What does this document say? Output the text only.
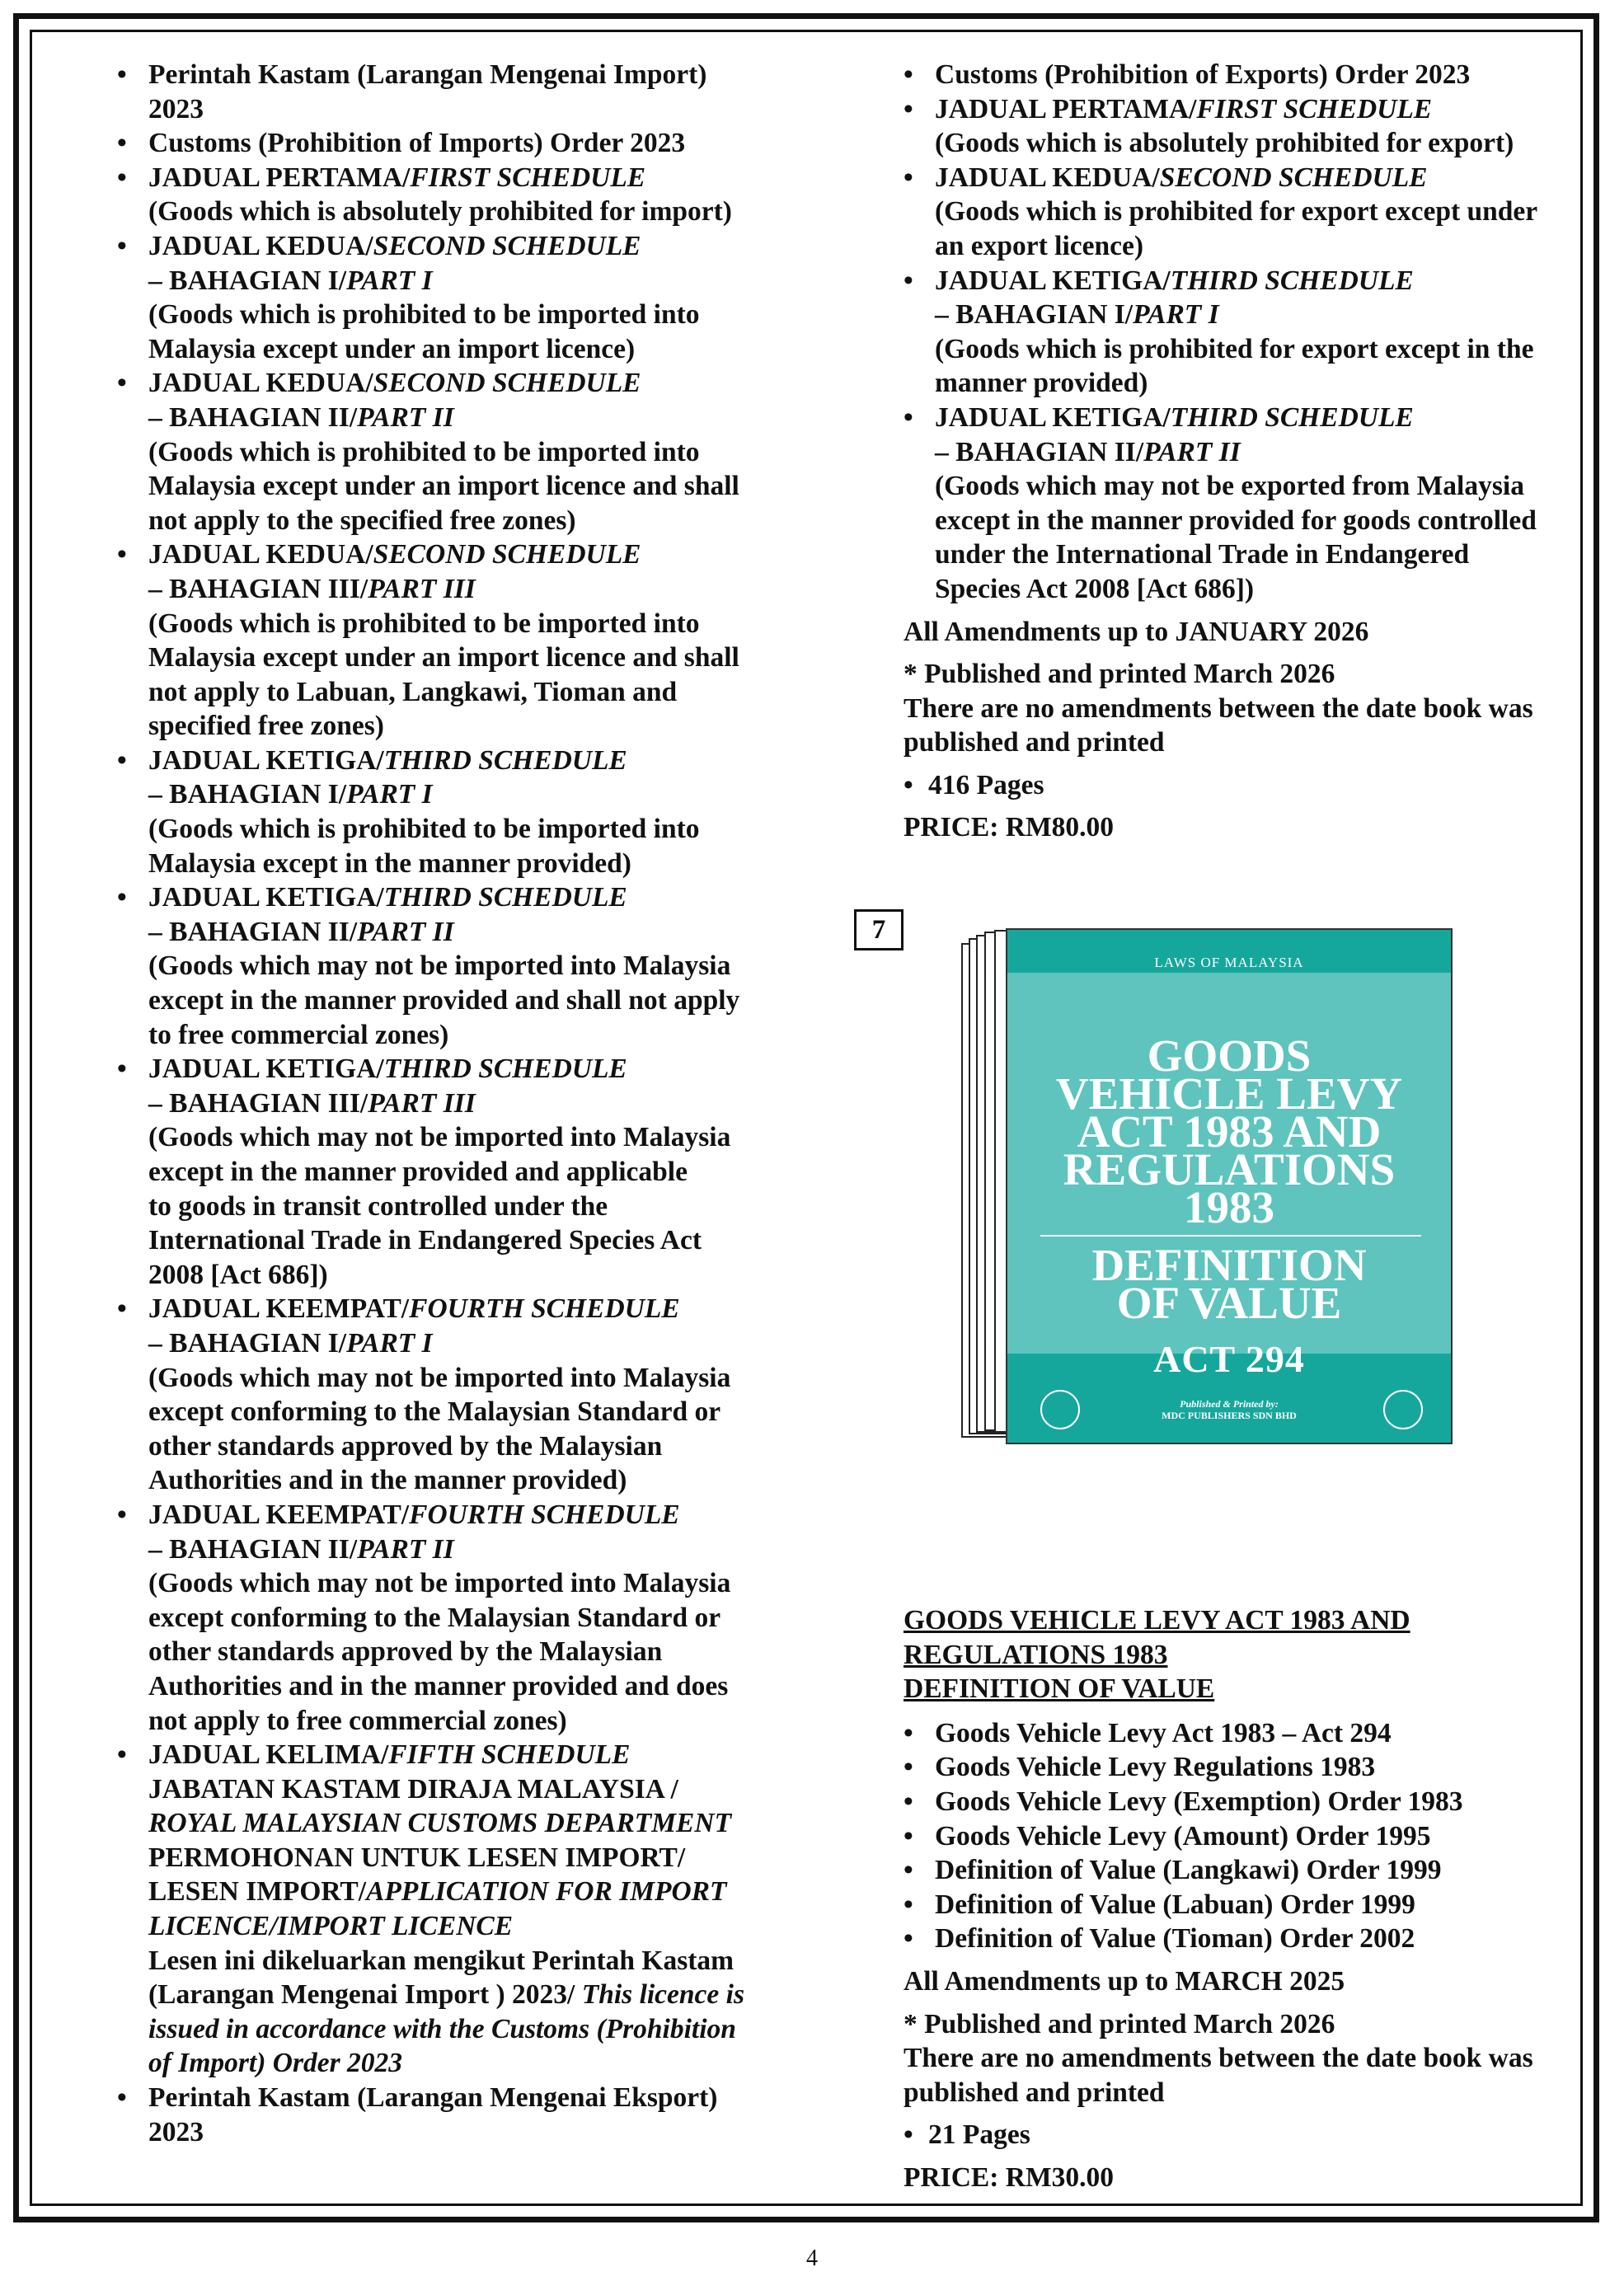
• Perintah Kastam (Larangan Mengenai Import)
2023
• Customs (Prohibition of Imports) Order 2023
• JADUAL PERTAMA/FIRST SCHEDULE
(Goods which is absolutely prohibited for import)
• JADUAL KEDUA/SECOND SCHEDULE
– BAHAGIAN I/PART I
(Goods which is prohibited to be imported into
Malaysia except under an import licence)
• JADUAL KEDUA/SECOND SCHEDULE
– BAHAGIAN II/PART II
(Goods which is prohibited to be imported into
Malaysia except under an import licence and shall
not apply to the specified free zones)
• JADUAL KEDUA/SECOND SCHEDULE
– BAHAGIAN III/PART III
(Goods which is prohibited to be imported into
Malaysia except under an import licence and shall
not apply to Labuan, Langkawi, Tioman and
specified free zones)
• JADUAL KETIGA/THIRD SCHEDULE
– BAHAGIAN I/PART I
(Goods which is prohibited to be imported into
Malaysia except in the manner provided)
• JADUAL KETIGA/THIRD SCHEDULE
– BAHAGIAN II/PART II
(Goods which may not be imported into Malaysia
except in the manner provided and shall not apply
to free commercial zones)
• JADUAL KETIGA/THIRD SCHEDULE
– BAHAGIAN III/PART III
(Goods which may not be imported into Malaysia
except in the manner provided and applicable
to goods in transit controlled under the
International Trade in Endangered Species Act
2008 [Act 686])
• JADUAL KEEMPAT/FOURTH SCHEDULE
– BAHAGIAN I/PART I
(Goods which may not be imported into Malaysia
except conforming to the Malaysian Standard or
other standards approved by the Malaysian
Authorities and in the manner provided)
• JADUAL KEEMPAT/FOURTH SCHEDULE
– BAHAGIAN II/PART II
(Goods which may not be imported into Malaysia
except conforming to the Malaysian Standard or
other standards approved by the Malaysian
Authorities and in the manner provided and does
not apply to free commercial zones)
• JADUAL KELIMA/FIFTH SCHEDULE
JABATAN KASTAM DIRAJA MALAYSIA /
ROYAL MALAYSIAN CUSTOMS DEPARTMENT
PERMOHONAN UNTUK LESEN IMPORT/
LESEN IMPORT/APPLICATION FOR IMPORT
LICENCE/IMPORT LICENCE
Lesen ini dikeluarkan mengikut Perintah Kastam
(Larangan Mengenai Import ) 2023/ This licence is
issued in accordance with the Customs (Prohibition
of Import) Order 2023
• Perintah Kastam (Larangan Mengenai Eksport)
2023
• Customs (Prohibition of Exports) Order 2023
• JADUAL PERTAMA/FIRST SCHEDULE
(Goods which is absolutely prohibited for export)
• JADUAL KEDUA/SECOND SCHEDULE
(Goods which is prohibited for export except under
an export licence)
• JADUAL KETIGA/THIRD SCHEDULE
– BAHAGIAN I/PART I
(Goods which is prohibited for export except in the
manner provided)
• JADUAL KETIGA/THIRD SCHEDULE
– BAHAGIAN II/PART II
(Goods which may not be exported from Malaysia
except in the manner provided for goods controlled
under the International Trade in Endangered
Species Act 2008 [Act 686])
All Amendments up to JANUARY 2026
* Published and printed March 2026
There are no amendments between the date book was
published and printed
• 416 Pages
PRICE: RM80.00
GOODS VEHICLE LEVY ACT 1983 AND
REGULATIONS 1983
DEFINITION OF VALUE
• Goods Vehicle Levy Act 1983 – Act 294
• Goods Vehicle Levy Regulations 1983
• Goods Vehicle Levy (Exemption) Order 1983
• Goods Vehicle Levy (Amount) Order 1995
• Definition of Value (Langkawi) Order 1999
• Definition of Value (Labuan) Order 1999
• Definition of Value (Tioman) Order 2002
All Amendments up to MARCH 2025
* Published and printed March 2026
There are no amendments between the date book was
published and printed
• 21 Pages
PRICE: RM30.00
7
LAWS OF MALAYSIA
GOODS
VEHICLE LEVY
ACT 1983 AND
REGULATIONS
1983
DEFINITION
OF VALUE
ACT 294
Published & Printed by:
MDC PUBLISHERS SDN BHD
4
